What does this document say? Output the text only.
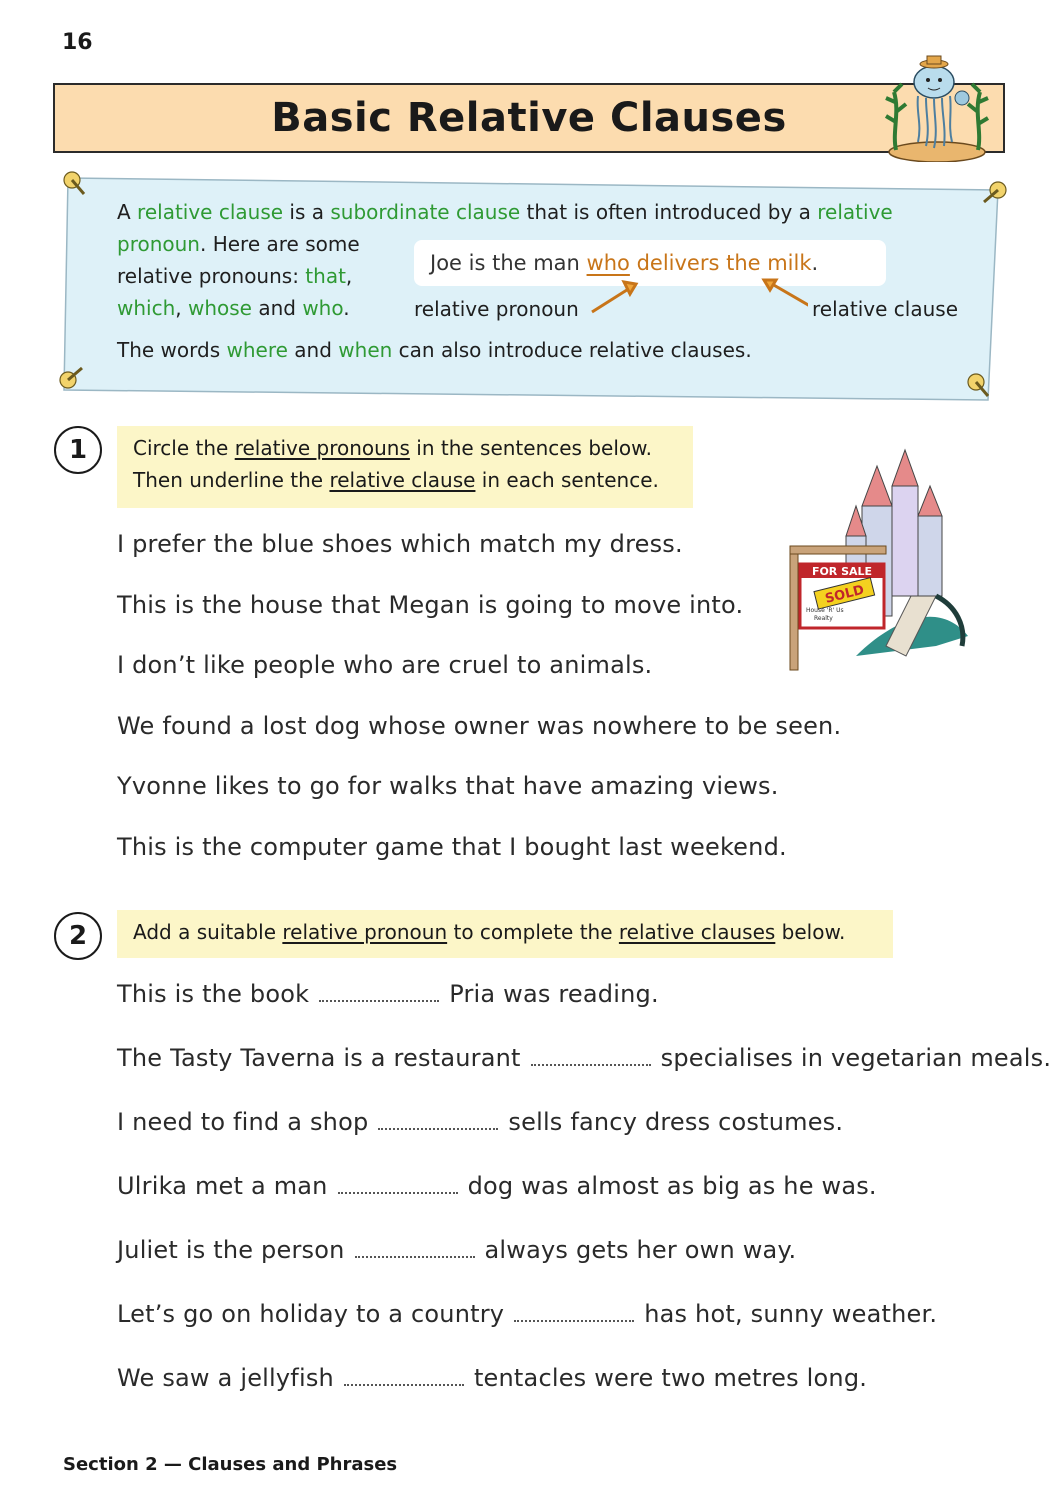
16
Basic Relative Clauses
A relative clause is a subordinate clause that is often introduced by a relative
pronoun. Here are some
relative pronouns: that,
which, whose and who.
Joe is the man who delivers the milk.
relative pronoun	relative clause
The words where and when can also introduce relative clauses.
1	Circle the relative pronouns in the sentences below.
Then underline the relative clause in each sentence.
I prefer the blue shoes which match my dress.
This is the house that Megan is going to move into.
I don’t like people who are cruel to animals.
We found a lost dog whose owner was nowhere to be seen.
Yvonne likes to go for walks that have amazing views.
This is the computer game that I bought last weekend.
FOR SALE
SOLD
House 'R' Us
Realty
2	Add a suitable relative pronoun to complete the relative clauses below.
This is the book	Pria was reading.
The Tasty Taverna is a restaurant	specialises in vegetarian meals.
I need to find a shop	sells fancy dress costumes.
Ulrika met a man	dog was almost as big as he was.
Juliet is the person	always gets her own way.
Let’s go on holiday to a country	has hot, sunny weather.
We saw a jellyfish	tentacles were two metres long.
Section 2 — Clauses and Phrases
